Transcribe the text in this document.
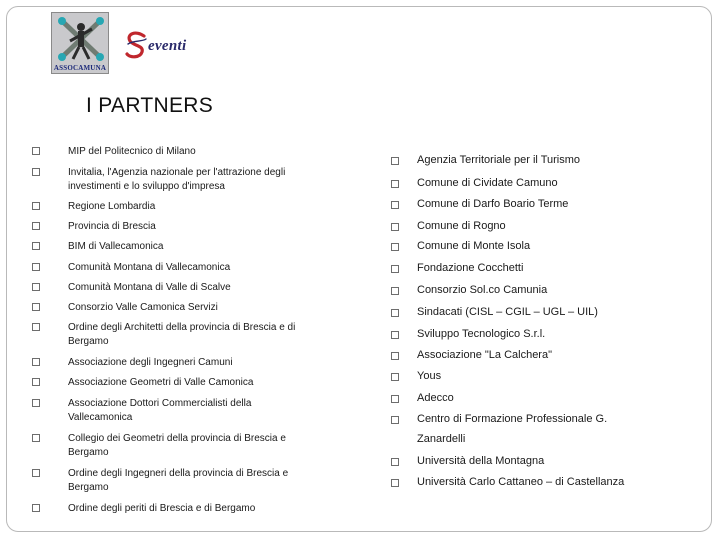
ASSOCAMUNA
eventi
I PARTNERS
MIP del Politecnico di Milano
Invitalia, l'Agenzia nazionale per l'attrazione degli investimenti e lo sviluppo d'impresa
Regione Lombardia
Provincia di Brescia
BIM di Vallecamonica
Comunità Montana di Vallecamonica
Comunità Montana di Valle di Scalve
Consorzio Valle Camonica Servizi
Ordine degli Architetti della provincia di Brescia e di Bergamo
Associazione degli Ingegneri Camuni
Associazione Geometri di Valle Camonica
Associazione Dottori Commercialisti della Vallecamonica
Collegio dei Geometri della provincia di Brescia e Bergamo
Ordine degli Ingegneri della provincia di Brescia e Bergamo
Ordine degli periti di Brescia e di Bergamo
Agenzia Territoriale per il Turismo
Comune di Cividate Camuno
Comune di Darfo Boario Terme
Comune di Rogno
Comune di Monte Isola
Fondazione Cocchetti
Consorzio Sol.co Camunia
Sindacati (CISL – CGIL – UGL – UIL)
Sviluppo Tecnologico S.r.l.
Associazione "La Calchera"
Yous
Adecco
Centro di Formazione Professionale G. Zanardelli
Università della Montagna
Università Carlo Cattaneo – di Castellanza
